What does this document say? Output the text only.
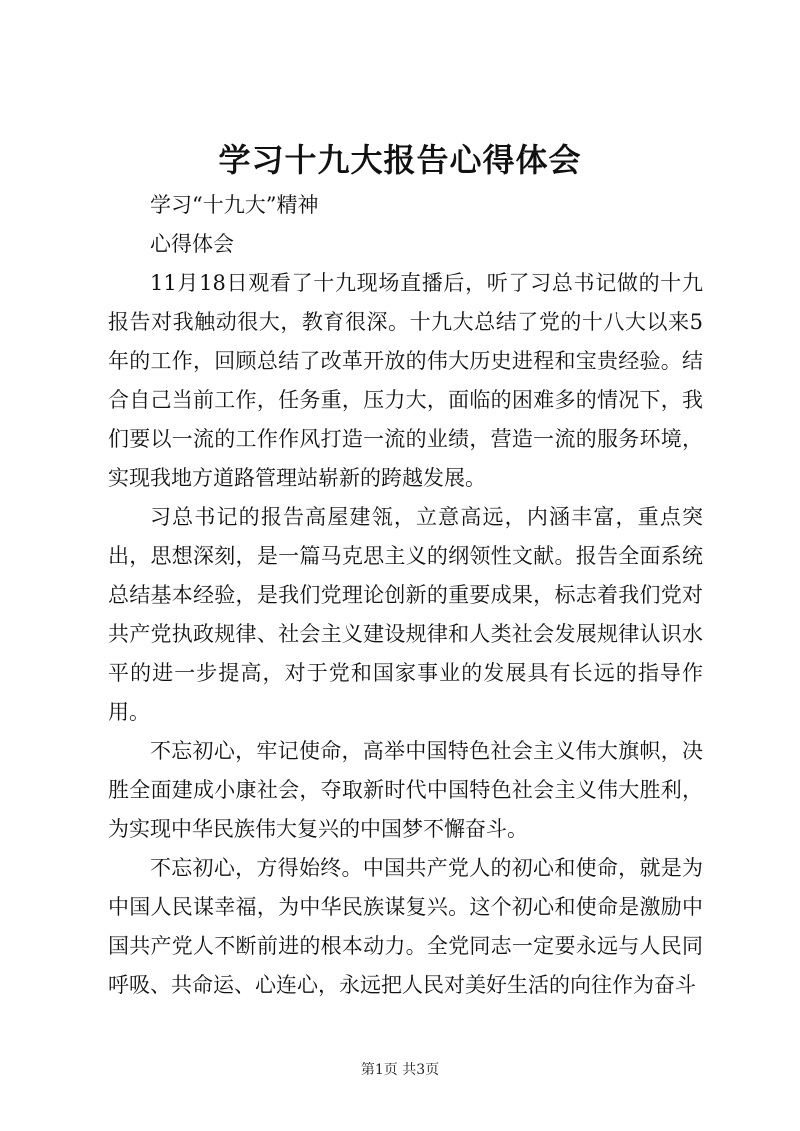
学习十九大报告心得体会

学习“十九大”精神

心得体会

11月18日观看了十九现场直播后，听了习总书记做的十九报告对我触动很大，教育很深。十九大总结了党的十八大以来5年的工作，回顾总结了改革开放的伟大历史进程和宝贵经验。结合自己当前工作，任务重，压力大，面临的困难多的情况下，我们要以一流的工作作风打造一流的业绩，营造一流的服务环境，实现我地方道路管理站崭新的跨越发展。

习总书记的报告高屋建瓴，立意高远，内涵丰富，重点突出，思想深刻，是一篇马克思主义的纲领性文献。报告全面系统总结基本经验，是我们党理论创新的重要成果，标志着我们党对共产党执政规律、社会主义建设规律和人类社会发展规律认识水平的进一步提高，对于党和国家事业的发展具有长远的指导作用。

不忘初心，牢记使命，高举中国特色社会主义伟大旗帜，决胜全面建成小康社会，夺取新时代中国特色社会主义伟大胜利，为实现中华民族伟大复兴的中国梦不懈奋斗。

不忘初心，方得始终。中国共产党人的初心和使命，就是为中国人民谋幸福，为中华民族谋复兴。这个初心和使命是激励中国共产党人不断前进的根本动力。全党同志一定要永远与人民同呼吸、共命运、心连心，永远把人民对美好生活的向往作为奋斗

第1页 共3页
